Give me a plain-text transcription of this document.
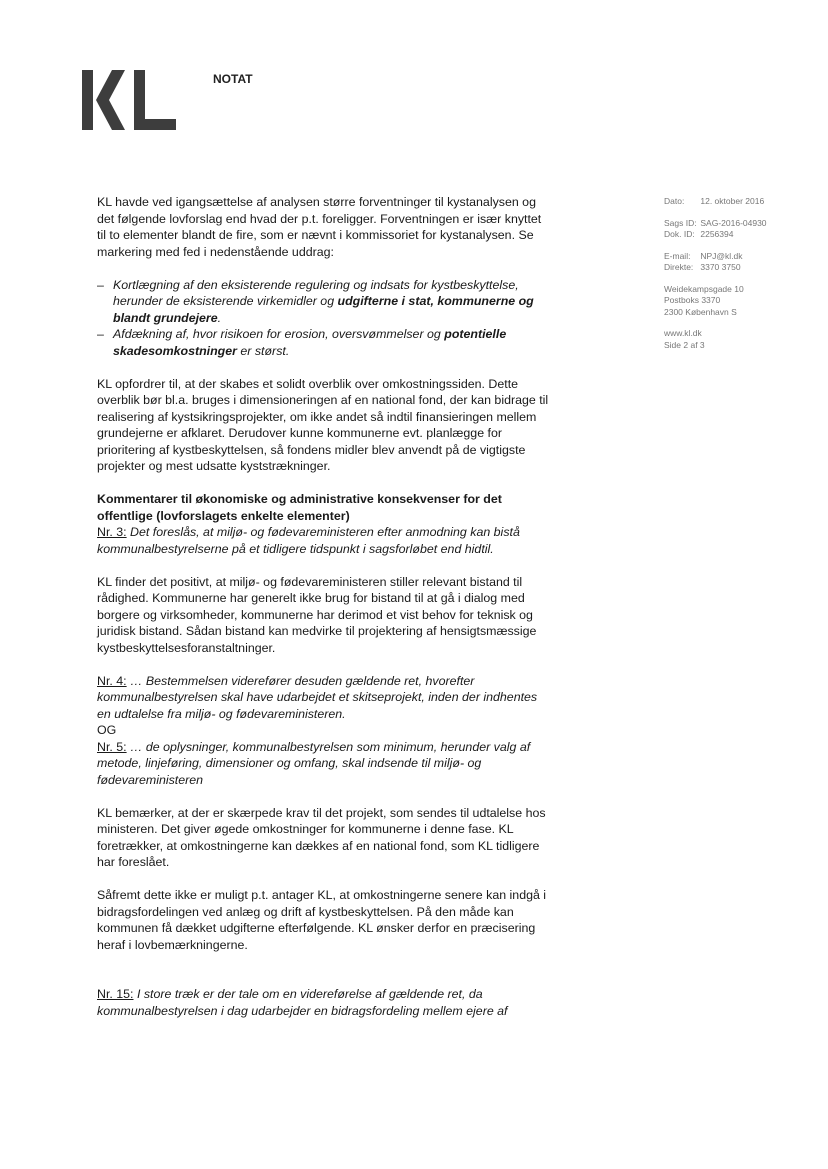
NOTAT
Dato: 12. oktober 2016
Sags ID: SAG-2016-04930
Dok. ID: 2256394
E-mail: NPJ@kl.dk
Direkte: 3370 3750
Weidekampsgade 10
Postboks 3370
2300 København S
www.kl.dk
Side 2 af 3

KL havde ved igangsættelse af analysen større forventninger til kystanalysen og det følgende lovforslag end hvad der p.t. foreligger. Forventningen er især knyttet til to elementer blandt de fire, som er nævnt i kommissoriet for kystanalysen. Se markering med fed i nedenstående uddrag:

– Kortlægning af den eksisterende regulering og indsats for kystbeskyttelse, herunder de eksisterende virkemidler og udgifterne i stat, kommunerne og blandt grundejere.
– Afdækning af, hvor risikoen for erosion, oversvømmelser og potentielle skadesomkostninger er størst.

KL opfordrer til, at der skabes et solidt overblik over omkostningssiden. Dette overblik bør bl.a. bruges i dimensioneringen af en national fond, der kan bidrage til realisering af kystsikringsprojekter, om ikke andet så indtil finansieringen mellem grundejerne er afklaret. Derudover kunne kommunerne evt. planlægge for prioritering af kystbeskyttelsen, så fondens midler blev anvendt på de vigtigste projekter og mest udsatte kyststrækninger.

Kommentarer til økonomiske og administrative konsekvenser for det offentlige (lovforslagets enkelte elementer)

Nr. 3: Det foreslås, at miljø- og fødevareministeren efter anmodning kan bistå kommunalbestyrelserne på et tidligere tidspunkt i sagsforløbet end hidtil.

KL finder det positivt, at miljø- og fødevareministeren stiller relevant bistand til rådighed. Kommunerne har generelt ikke brug for bistand til at gå i dialog med borgere og virksomheder, kommunerne har derimod et vist behov for teknisk og juridisk bistand. Sådan bistand kan medvirke til projektering af hensigtsmæssige kystbeskyttelsesforanstaltninger.

Nr. 4: … Bestemmelsen viderefører desuden gældende ret, hvorefter kommunalbestyrelsen skal have udarbejdet et skitseprojekt, inden der indhentes en udtalelse fra miljø- og fødevareministeren.

OG

Nr. 5: … de oplysninger, kommunalbestyrelsen som minimum, herunder valg af metode, linjeføring, dimensioner og omfang, skal indsende til miljø- og fødevareministeren

KL bemærker, at der er skærpede krav til det projekt, som sendes til udtalelse hos ministeren. Det giver øgede omkostninger for kommunerne i denne fase. KL foretrækker, at omkostningerne kan dækkes af en national fond, som KL tidligere har foreslået.

Såfremt dette ikke er muligt p.t. antager KL, at omkostningerne senere kan indgå i bidragsfordelingen ved anlæg og drift af kystbeskyttelsen. På den måde kan kommunen få dækket udgifterne efterfølgende. KL ønsker derfor en præcisering heraf i lovbemærkningerne.

Nr. 15: I store træk er der tale om en videreførelse af gældende ret, da kommunalbestyrelsen i dag udarbejder en bidragsfordeling mellem ejere af
